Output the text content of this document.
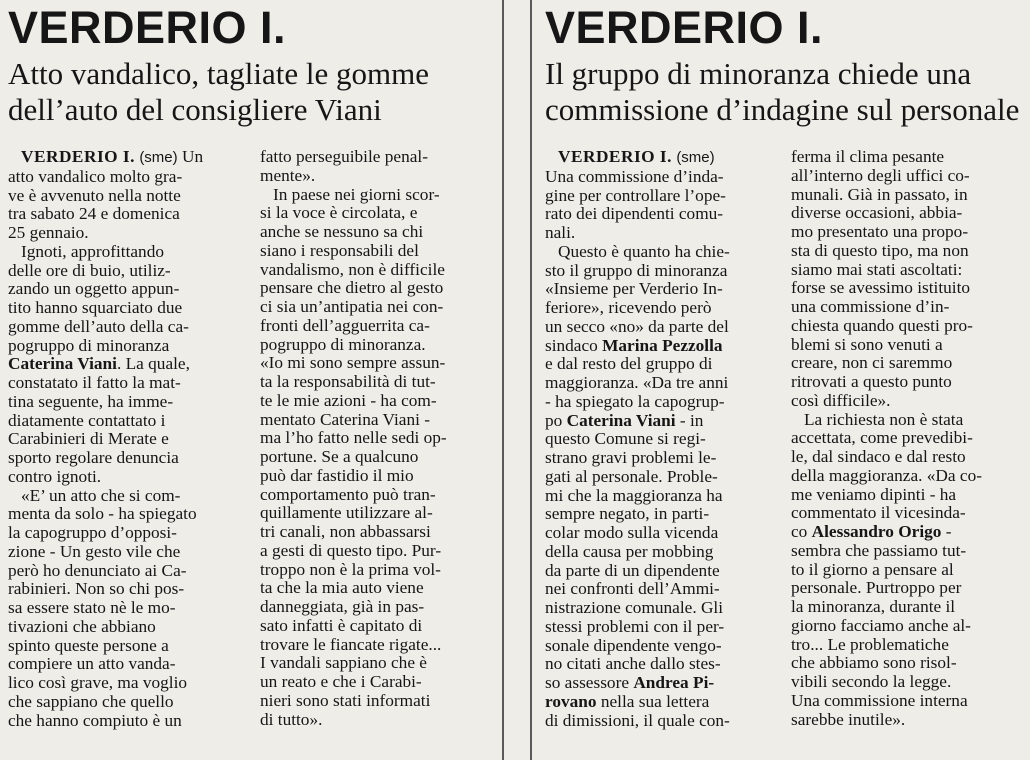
VERDERIO I.
Atto vandalico, tagliate le gomme
dell’auto del consigliere Viani

VERDERIO I. (sme) Un

atto vandalico molto gra-

ve è avvenuto nella notte

tra sabato 24 e domenica

25 gennaio.

Ignoti, approfittando

delle ore di buio, utiliz-

zando un oggetto appun-

tito hanno squarciato due

gomme dell’auto della ca-

pogruppo di minoranza

Caterina Viani. La quale,

constatato il fatto la mat-

tina seguente, ha imme-

diatamente contattato i

Carabinieri di Merate e

sporto regolare denuncia

contro ignoti.

«E’ un atto che si com-

menta da solo - ha spiegato

la capogruppo d’opposi-

zione - Un gesto vile che

però ho denunciato ai Ca-

rabinieri. Non so chi pos-

sa essere stato nè le mo-

tivazioni che abbiano

spinto queste persone a

compiere un atto vanda-

lico così grave, ma voglio

che sappiano che quello

che hanno compiuto è un

fatto perseguibile penal-

mente».

In paese nei giorni scor-

si la voce è circolata, e

anche se nessuno sa chi

siano i responsabili del

vandalismo, non è difficile

pensare che dietro al gesto

ci sia un’antipatia nei con-

fronti dell’agguerrita ca-

pogruppo di minoranza.

«Io mi sono sempre assun-

ta la responsabilità di tut-

te le mie azioni - ha com-

mentato Caterina Viani -

ma l’ho fatto nelle sedi op-

portune. Se a qualcuno

può dar fastidio il mio

comportamento può tran-

quillamente utilizzare al-

tri canali, non abbassarsi

a gesti di questo tipo. Pur-

troppo non è la prima vol-

ta che la mia auto viene

danneggiata, già in pas-

sato infatti è capitato di

trovare le fiancate rigate...

I vandali sappiano che è

un reato e che i Carabi-

nieri sono stati informati

di tutto».

VERDERIO I.
Il gruppo di minoranza chiede una
commissione d’indagine sul personale

VERDERIO I. (sme)

Una commissione d’inda-

gine per controllare l’ope-

rato dei dipendenti comu-

nali.

Questo è quanto ha chie-

sto il gruppo di minoranza

«Insieme per Verderio In-

feriore», ricevendo però

un secco «no» da parte del

sindaco Marina Pezzolla

e dal resto del gruppo di

maggioranza. «Da tre anni

- ha spiegato la capogrup-

po Caterina Viani - in

questo Comune si regi-

strano gravi problemi le-

gati al personale. Proble-

mi che la maggioranza ha

sempre negato, in parti-

colar modo sulla vicenda

della causa per mobbing

da parte di un dipendente

nei confronti dell’Ammi-

nistrazione comunale. Gli

stessi problemi con il per-

sonale dipendente vengo-

no citati anche dallo stes-

so assessore Andrea Pi-

rovano nella sua lettera

di dimissioni, il quale con-

ferma il clima pesante

all’interno degli uffici co-

munali. Già in passato, in

diverse occasioni, abbia-

mo presentato una propo-

sta di questo tipo, ma non

siamo mai stati ascoltati:

forse se avessimo istituito

una commissione d’in-

chiesta quando questi pro-

blemi si sono venuti a

creare, non ci saremmo

ritrovati a questo punto

così difficile».

La richiesta non è stata

accettata, come prevedibi-

le, dal sindaco e dal resto

della maggioranza. «Da co-

me veniamo dipinti - ha

commentato il vicesinda-

co Alessandro Origo -

sembra che passiamo tut-

to il giorno a pensare al

personale. Purtroppo per

la minoranza, durante il

giorno facciamo anche al-

tro... Le problematiche

che abbiamo sono risol-

vibili secondo la legge.

Una commissione interna

sarebbe inutile».
